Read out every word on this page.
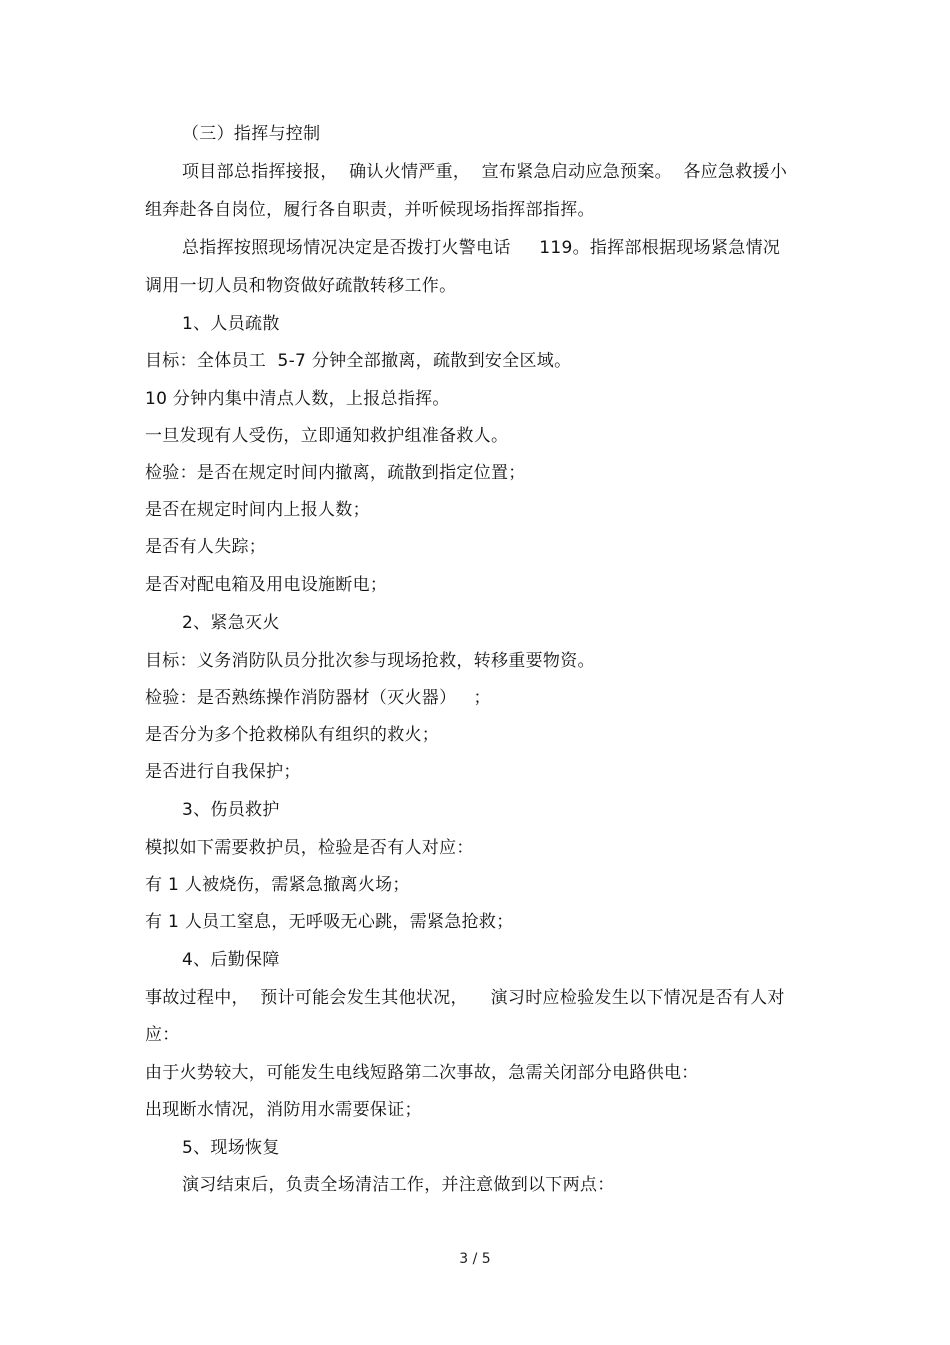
（三）指挥与控制
项目部总指挥接报，  确认火情严重，  宣布紧急启动应急预案。  各应急救援小
组奔赴各自岗位，履行各自职责，并听候现场指挥部指挥。
总指挥按照现场情况决定是否拨打火警电话     119。指挥部根据现场紧急情况
调用一切人员和物资做好疏散转移工作。
1、人员疏散
目标：全体员工  5-7 分钟全部撤离，疏散到安全区域。
10 分钟内集中清点人数，上报总指挥。
一旦发现有人受伤，立即通知救护组准备救人。
检验：是否在规定时间内撤离，疏散到指定位置；
是否在规定时间内上报人数；
是否有人失踪；
是否对配电箱及用电设施断电；
2、紧急灭火
目标：义务消防队员分批次参与现场抢救，转移重要物资。
检验：是否熟练操作消防器材（灭火器）   ；
是否分为多个抢救梯队有组织的救火；
是否进行自我保护；
3、伤员救护
模拟如下需要救护员，检验是否有人对应：
有 1 人被烧伤，需紧急撤离火场；
有 1 人员工窒息，无呼吸无心跳，需紧急抢救；
4、后勤保障
事故过程中，  预计可能会发生其他状况，    演习时应检验发生以下情况是否有人对
应：
由于火势较大，可能发生电线短路第二次事故，急需关闭部分电路供电：
出现断水情况，消防用水需要保证；
5、现场恢复
演习结束后，负责全场清洁工作，并注意做到以下两点：
3 / 5
